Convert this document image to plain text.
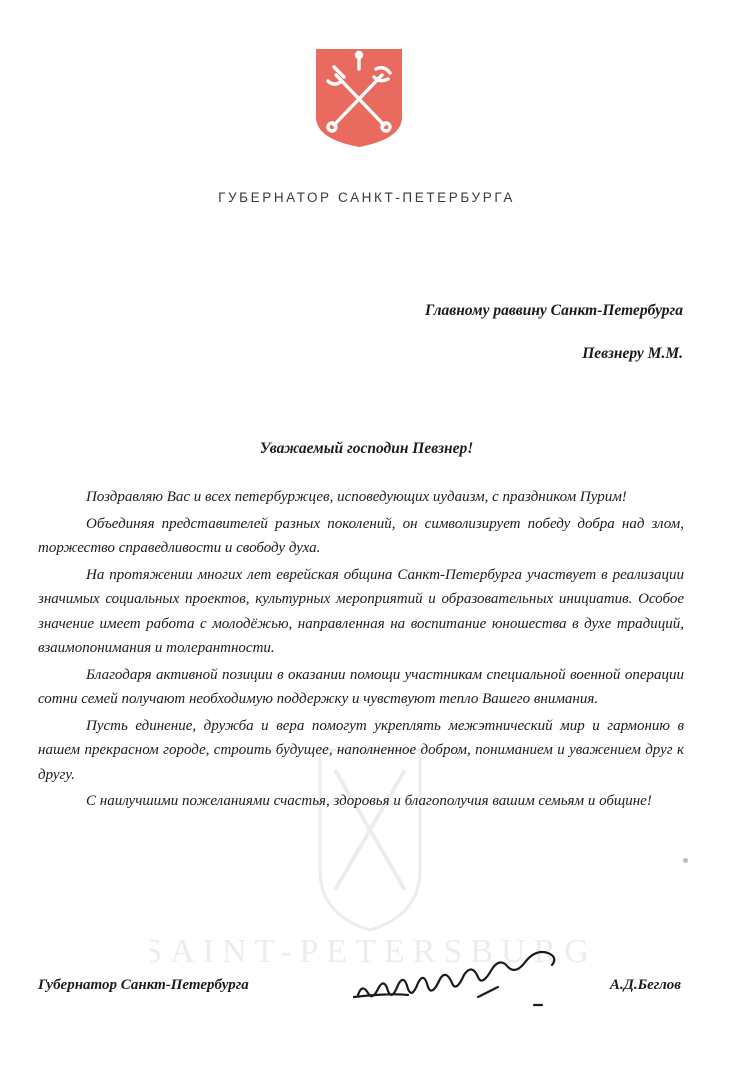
SAINT-PETERSBURG
ГУБЕРНАТОР САНКТ-ПЕТЕРБУРГА
Главному раввину Санкт-Петербурга
Певзнеру М.М.
Уважаемый господин Певзнер!

Поздравляю Вас и всех петербуржцев, исповедующих иудаизм, с праздником Пурим!

Объединяя представителей разных поколений, он символизирует победу добра над злом, торжество справедливости и свободу духа.

На протяжении многих лет еврейская община Санкт-Петербурга участвует в реализации значимых социальных проектов, культурных мероприятий и образовательных инициатив. Особое значение имеет работа с молодёжью, направленная на воспитание юношества в духе традиций, взаимопонимания и толерантности.

Благодаря активной позиции в оказании помощи участникам специальной военной операции сотни семей получают необходимую поддержку и чувствуют тепло Вашего внимания.

Пусть единение, дружба и вера помогут укреплять межэтнический мир и гармонию в нашем прекрасном городе, строить будущее, наполненное добром, пониманием и уважением друг к другу.

С наилучшими пожеланиями счастья, здоровья и благополучия вашим семьям и общине!

Губернатор Санкт-Петербурга	А.Д.Беглов
